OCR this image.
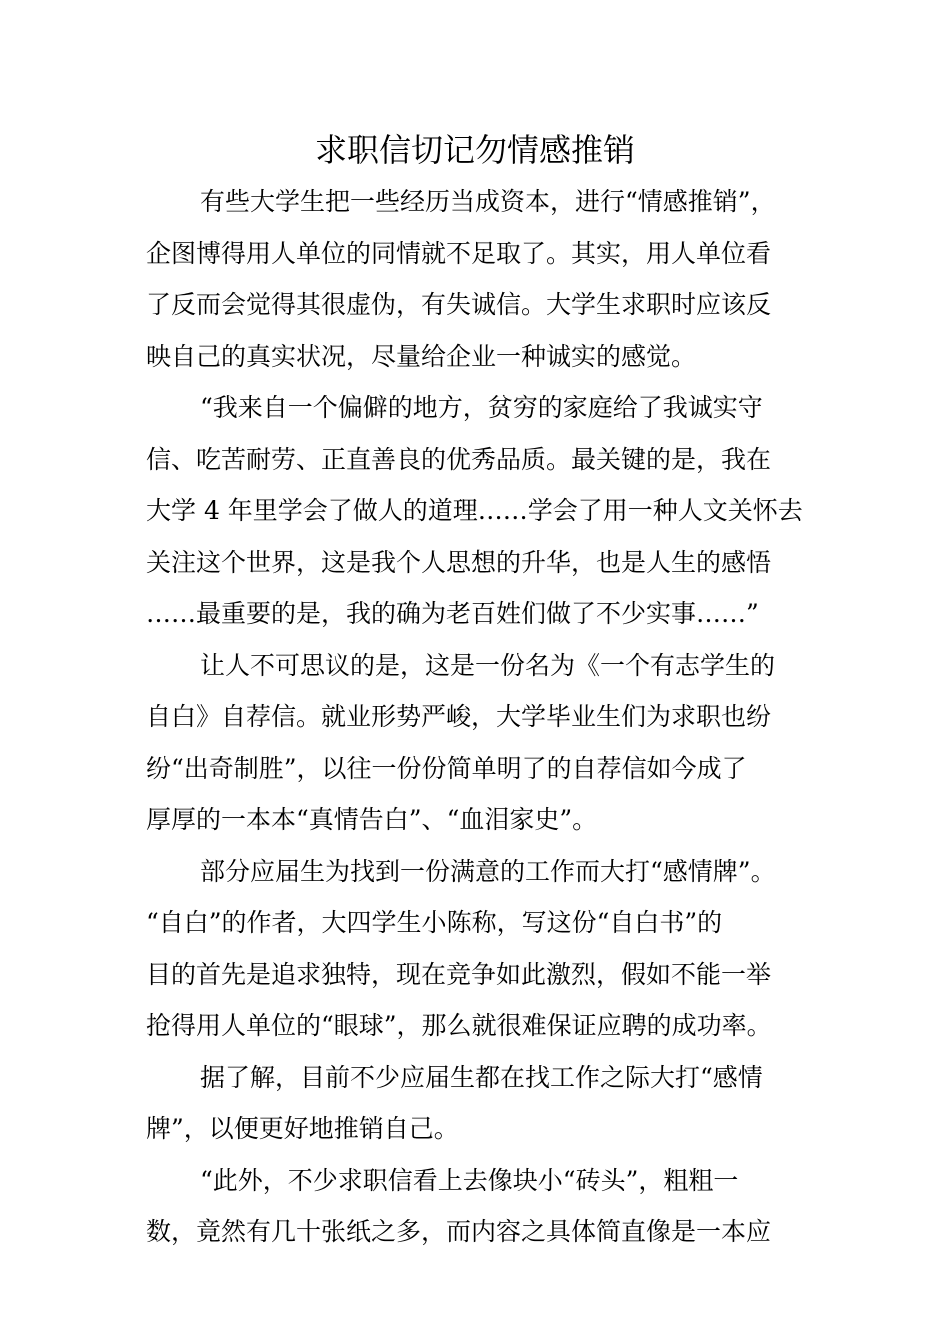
求职信切记勿情感推销
有些大学生把一些经历当成资本，进行“情感推销”，
企图博得用人单位的同情就不足取了。其实，用人单位看
了反而会觉得其很虚伪，有失诚信。大学生求职时应该反
映自己的真实状况，尽量给企业一种诚实的感觉。
“我来自一个偏僻的地方，贫穷的家庭给了我诚实守
信、吃苦耐劳、正直善良的优秀品质。最关键的是，我在
大学 4 年里学会了做人的道理……学会了用一种人文关怀去
关注这个世界，这是我个人思想的升华，也是人生的感悟
……最重要的是，我的确为老百姓们做了不少实事……”
让人不可思议的是，这是一份名为《一个有志学生的
自白》自荐信。就业形势严峻，大学毕业生们为求职也纷
纷“出奇制胜”，以往一份份简单明了的自荐信如今成了
厚厚的一本本“真情告白”、“血泪家史”。
部分应届生为找到一份满意的工作而大打“感情牌”。
“自白”的作者，大四学生小陈称，写这份“自白书”的
目的首先是追求独特，现在竞争如此激烈，假如不能一举
抢得用人单位的“眼球”，那么就很难保证应聘的成功率。
据了解，目前不少应届生都在找工作之际大打“感情
牌”，以便更好地推销自己。
“此外，不少求职信看上去像块小“砖头”，粗粗一
数，竟然有几十张纸之多，而内容之具体简直像是一本应
